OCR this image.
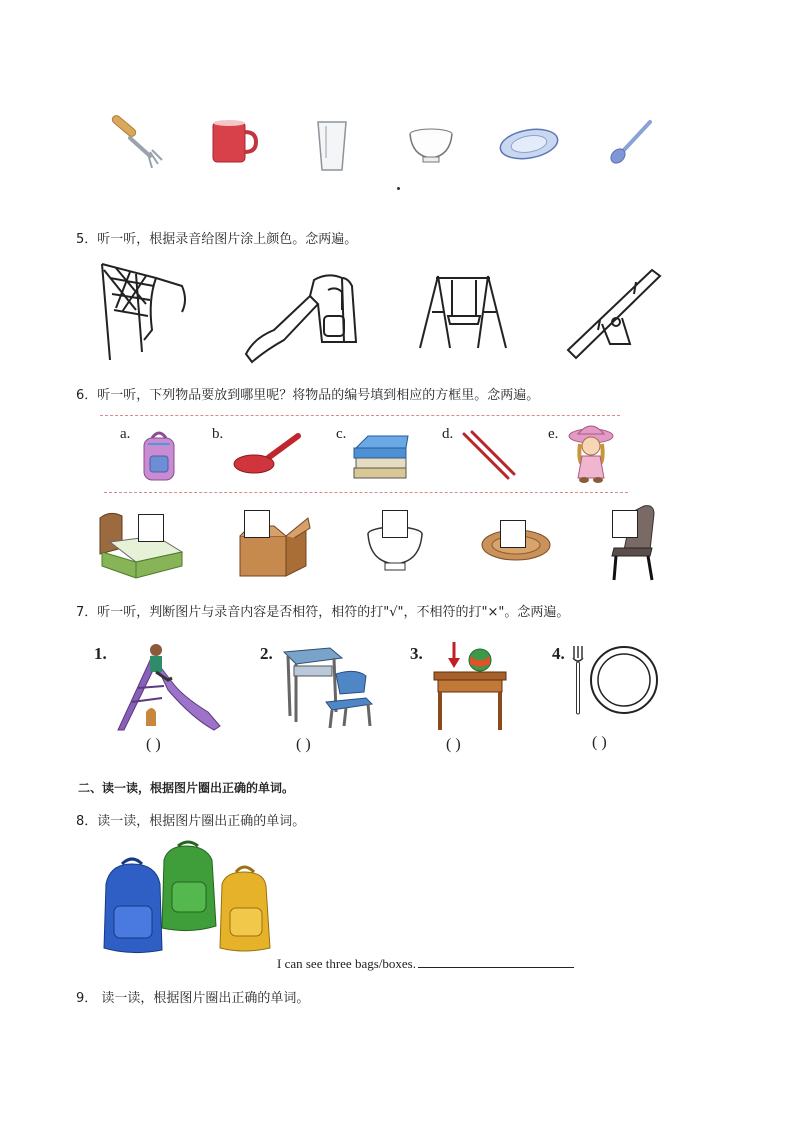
5．听一听，根据录音给图片涂上颜色。念两遍。
6．听一听，下列物品要放到哪里呢？将物品的编号填到相应的方框里。念两遍。
a.	b.	c.	d.	e.
7．听一听，判断图片与录音内容是否相符，相符的打"√"，不相符的打"×"。念两遍。
1.
( )
2.
( )
3.
( )
4.
( )
二、读一读，根据图片圈出正确的单词。
8．读一读，根据图片圈出正确的单词。
I can see three bags/boxes.
9． 读一读，根据图片圈出正确的单词。
